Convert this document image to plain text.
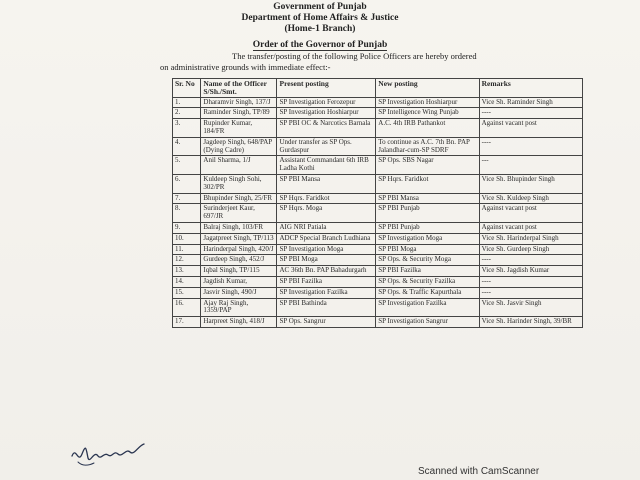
Government of Punjab
Department of Home Affairs & Justice
(Home-1 Branch)
Order of the Governor of Punjab
The transfer/posting of the following Police Officers are hereby ordered
on administrative grounds with immediate effect:-
Sr. No	Name of the Officer S/Sh./Smt.	Present posting	New posting	Remarks
1.	Dharamvir Singh, 137/J	SP Investigation Ferozepur	SP Investigation Hoshiarpur	Vice Sh. Raminder Singh
2.	Raminder Singh, TP/89	SP Investigation Hoshiarpur	SP Intelligence Wing Punjab	----
3.	Rupinder Kumar, 184/FR	SP PBI OC & Narcotics Barnala	A.C. 4th IRB Pathankot	Against vacant post
4.	Jagdeep Singh, 648/PAP (Dying Cadre)	Under transfer as SP Ops. Gurdaspur	To continue as A.C. 7th Bn. PAP Jalandhar-cum-SP SDRF	----
5.	Anil Sharma, 1/J	Assistant Commandant 6th IRB Ladha Kothi	SP Ops. SBS Nagar	---
6.	Kuldeep Singh Sohi, 302/PR	SP PBI Mansa	SP Hqrs. Faridkot	Vice Sh. Bhupinder Singh
7.	Bhupinder Singh, 25/FR	SP Hqrs. Faridkot	SP PBI Mansa	Vice Sh. Kuldeep Singh
8.	Surinderjeet Kaur, 697/JR	SP Hqrs. Moga	SP PBI Punjab	Against vacant post
9.	Balraj Singh, 103/FR	AIG NRI Patiala	SP PBI Punjab	Against vacant post
10.	Jagatpreet Singh, TP/113	ADCP Special Branch Ludhiana	SP Investigation Moga	Vice Sh. Harinderpal Singh
11.	Harinderpal Singh, 420/J	SP Investigation Moga	SP PBI Moga	Vice Sh. Gurdeep Singh
12.	Gurdeep Singh, 452/J	SP PBI Moga	SP Ops. & Security Moga	----
13.	Iqbal Singh, TP/115	AC 36th Bn. PAP Bahadurgarh	SP PBI Fazilka	Vice Sh. Jagdish Kumar
14.	Jagdish Kumar,	SP PBI Fazilka	SP Ops. & Security Fazilka	----
15.	Jasvir Singh, 490/J	SP Investigation Fazilka	SP Ops. & Traffic Kapurthala	----
16.	Ajay Raj Singh, 1359/PAP	SP PBI Bathinda	SP Investigation Fazilka	Vice Sh. Jasvir Singh
17.	Harpreet Singh, 418/J	SP Ops. Sangrur	SP Investigation Sangrur	Vice Sh. Harinder Singh, 39/BR
Scanned with CamScanner
